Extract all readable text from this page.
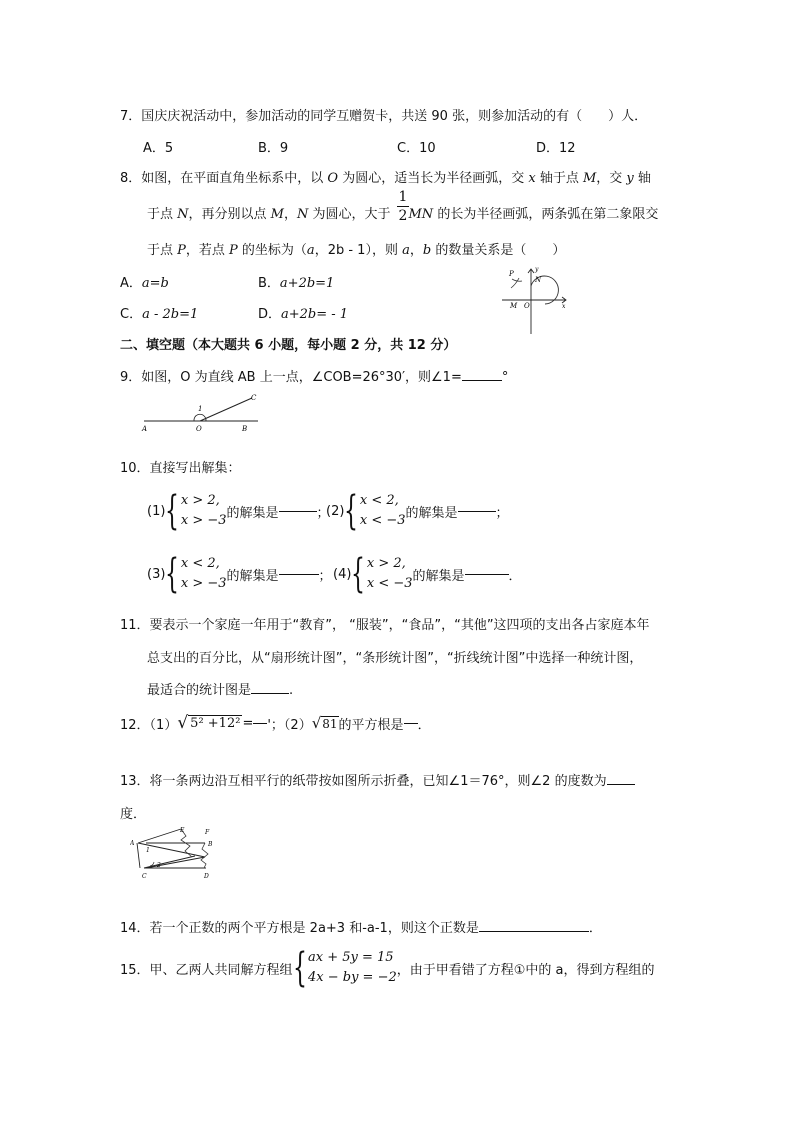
7．国庆庆祝活动中，参加活动的同学互赠贺卡，共送 90 张，则参加活动的有（　　）人．
A．5	B．9	C．10	D．12
8．如图，在平面直角坐标系中，以 O 为圆心，适当长为半径画弧，交 x 轴于点 M，交 y 轴
于点 N，再分别以点 M，N 为圆心，大于 MN 的长为半径画弧，两条弧在第二象限交
1
2
于点 P，若点 P 的坐标为（a，2b - 1），则 a，b 的数量关系是（　　）
A．a=b	B．a+2b=1
C．a - 2b=1	D．a+2b= - 1
P
N
M O	x
y
二、填空题（本大题共 6 小题，每小题 2 分，共 12 分）
9．如图，O 为直线 AB 上一点，∠COB=26°30′，则∠1=	°
A	O	B
C
1
10．直接写出解集：
(1) { x > 2,
x > −3 的解集是	；
(2) { x < 2,
x < −3 的解集是	；
(3) { x < 2,
x > −3 的解集是	； (4) { x > 2,
x < −3 的解集是	．
11．要表示一个家庭一年用于“教育”， “服装”，“食品”，“其他”这四项的支出各占家庭本年
总支出的百分比，从“扇形统计图”，“条形统计图”，“折线统计图”中选择一种统计图，
最适合的统计图是	.
12．（1） √ 5² +12² = '；（2） √ 81 的平方根是 ．
13．将一条两边沿互相平行的纸带按如图所示折叠，已知∠1＝76°，则∠2 的度数为
度．
A	B
C	D
E	F
1
2
14．若一个正数的两个平方根是 2a+3 和-a-1，则这个正数是	．
15．甲、乙两人共同解方程组 { ax + 5y = 15
4x − by = −2 ，由于甲看错了方程①中的 a，得到方程组的
